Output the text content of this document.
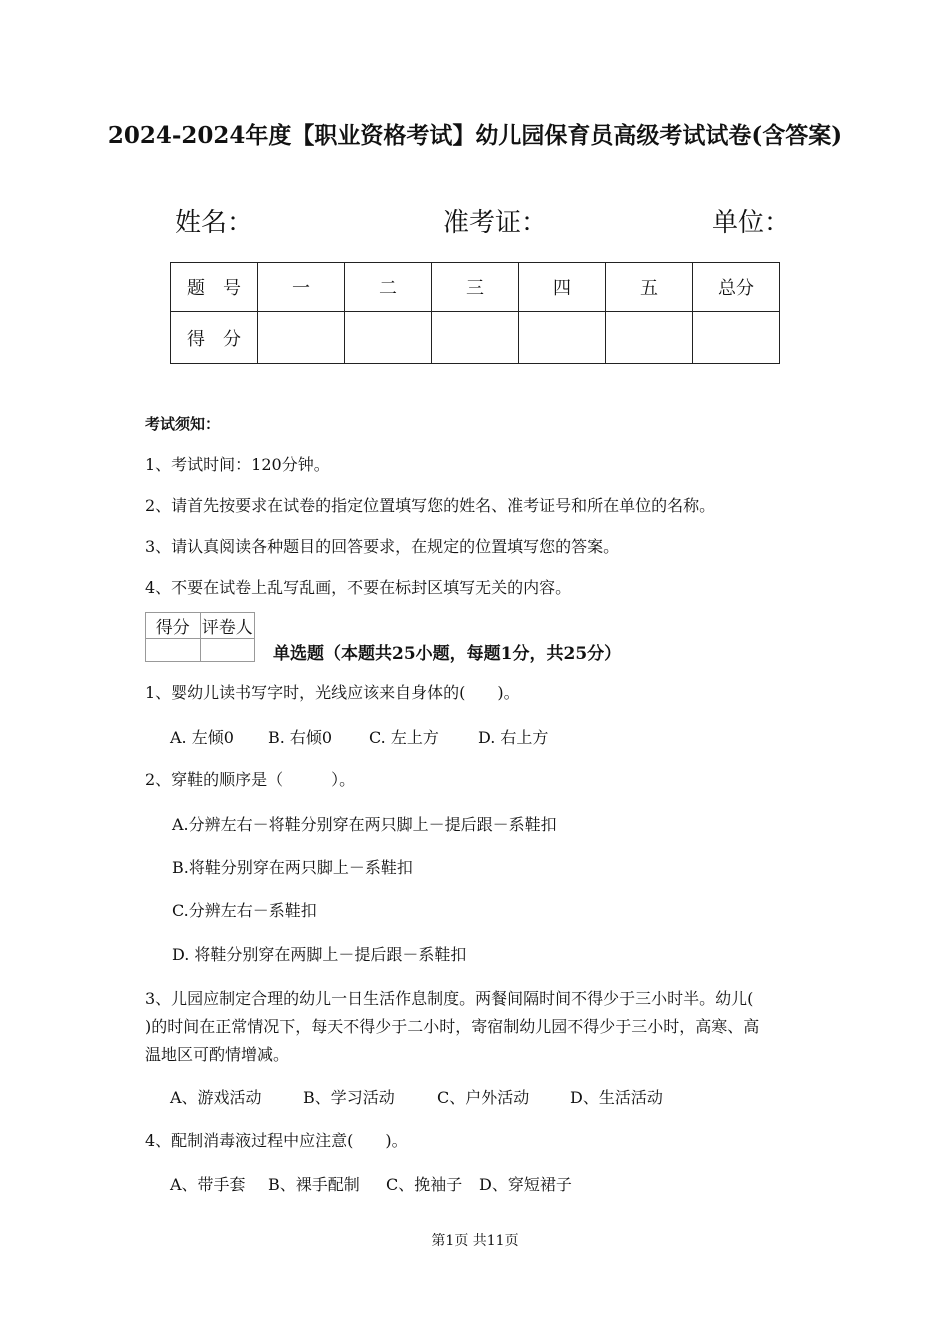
2024-2024年度【职业资格考试】幼儿园保育员高级考试试卷(含答案)
姓名：	准考证：	单位：
题　号	一	二	三	四	五	总分
得　分						
考试须知：
1、考试时间：120分钟。
2、请首先按要求在试卷的指定位置填写您的姓名、准考证号和所在单位的名称。
3、请认真阅读各种题目的回答要求，在规定的位置填写您的答案。
4、不要在试卷上乱写乱画，不要在标封区填写无关的内容。
得分	评卷人

单选题（本题共25小题，每题1分，共25分）
1、婴幼儿读书写字时，光线应该来自身体的(　　)。
A. 左倾0 B. 右倾0 C. 左上方 D. 右上方
2、穿鞋的顺序是（　　　）。
A.分辨左右－将鞋分别穿在两只脚上－提后跟－系鞋扣
B.将鞋分别穿在两只脚上－系鞋扣
C.分辨左右－系鞋扣
D. 将鞋分别穿在两脚上－提后跟－系鞋扣
3、儿园应制定合理的幼儿一日生活作息制度。两餐间隔时间不得少于三小时半。幼儿(
)的时间在正常情况下，每天不得少于二小时，寄宿制幼儿园不得少于三小时，高寒、高
温地区可酌情增减。
A、游戏活动	B、学习活动	C、户外活动	D、生活活动
4、配制消毒液过程中应注意(　　)。
A、带手套 B、裸手配制 C、挽袖子 D、穿短裙子
第1页 共11页
